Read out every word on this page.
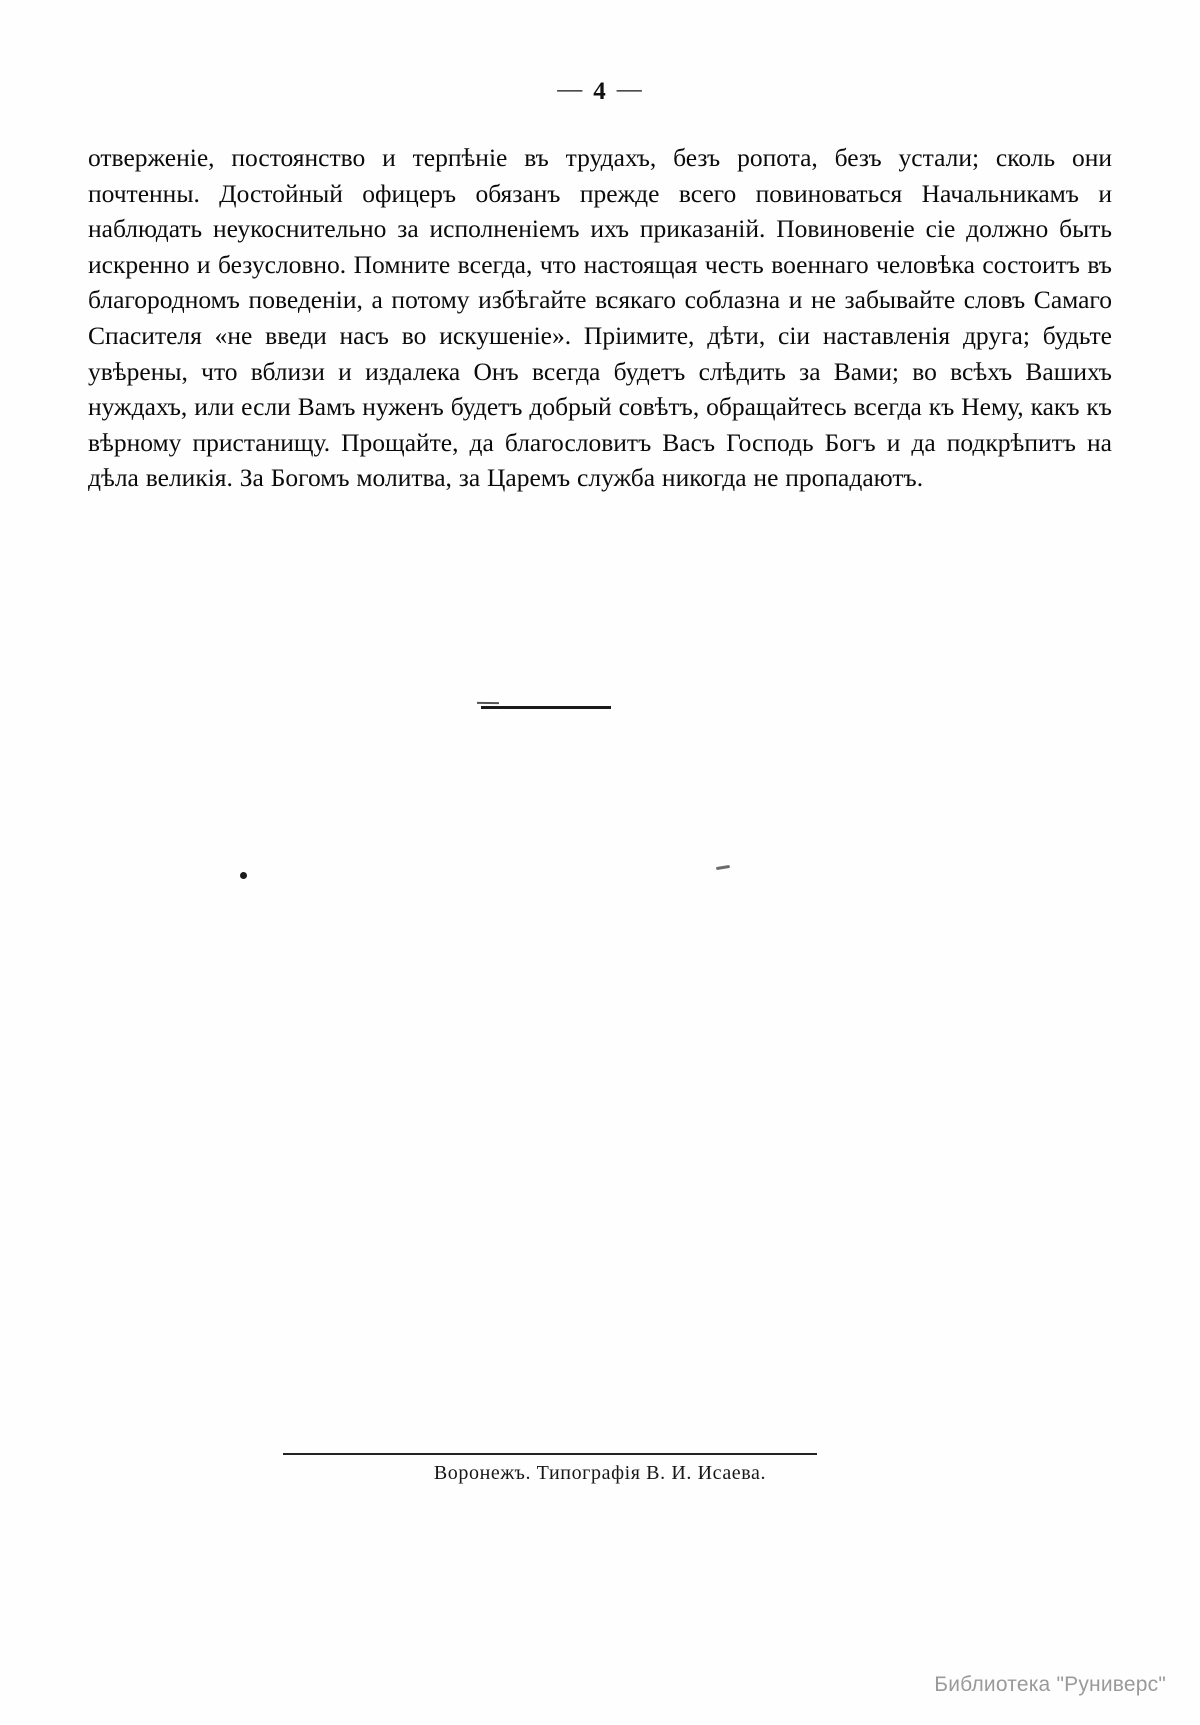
— 4 —

отверженіе, постоянство и терпѣніе въ трудахъ, безъ ропота, безъ устали; сколь они почтенны. Достойный офицеръ обязанъ прежде всего повиноваться Начальникамъ и наблюдать неукоснительно за исполненіемъ ихъ приказаній. Повиновеніе сіе должно быть искренно и безусловно. Помните всегда, что настоящая честь военнаго человѣка состоитъ въ благородномъ поведеніи, а потому избѣгайте всякаго соблазна и не забывайте словъ Самаго Спасителя «не введи насъ во искушеніе». Пріимите, дѣти, сіи наставленія друга; будьте увѣрены, что вблизи и издалека Онъ всегда будетъ слѣдить за Вами; во всѣхъ Вашихъ нуждахъ, или если Вамъ нуженъ будетъ добрый совѣтъ, обращайтесь всегда къ Нему, какъ къ вѣрному пристанищу. Прощайте, да благословитъ Васъ Господь Богъ и да подкрѣпитъ на дѣла великія. За Богомъ молитва, за Царемъ служба никогда не пропадаютъ.

Воронежъ. Типографія В. И. Исаева.
Библиотека "Руниверс"
